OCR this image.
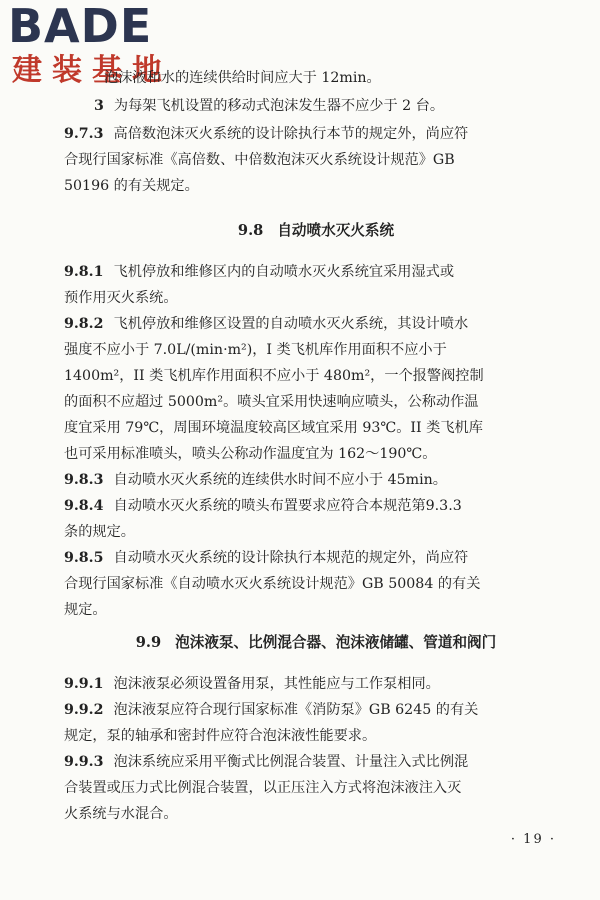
BADE
建装基地
泡沫液和水的连续供给时间应大于 12min。
3 为每架飞机设置的移动式泡沫发生器不应少于 2 台。
9.7.3 高倍数泡沫灭火系统的设计除执行本节的规定外，尚应符
合现行国家标准《高倍数、中倍数泡沫灭火系统设计规范》GB
50196 的有关规定。
9.8 自动喷水灭火系统
9.8.1 飞机停放和维修区内的自动喷水灭火系统宜采用湿式或
预作用灭火系统。
9.8.2 飞机停放和维修区设置的自动喷水灭火系统，其设计喷水
强度不应小于 7.0L/(min·m²)，I 类飞机库作用面积不应小于
1400m²，II 类飞机库作用面积不应小于 480m²，一个报警阀控制
的面积不应超过 5000m²。喷头宜采用快速响应喷头，公称动作温
度宜采用 79℃，周围环境温度较高区域宜采用 93℃。II 类飞机库
也可采用标准喷头，喷头公称动作温度宜为 162～190℃。
9.8.3 自动喷水灭火系统的连续供水时间不应小于 45min。
9.8.4 自动喷水灭火系统的喷头布置要求应符合本规范第9.3.3
条的规定。
9.8.5 自动喷水灭火系统的设计除执行本规范的规定外，尚应符
合现行国家标准《自动喷水灭火系统设计规范》GB 50084 的有关
规定。
9.9 泡沫液泵、比例混合器、泡沫液储罐、管道和阀门
9.9.1 泡沫液泵必须设置备用泵，其性能应与工作泵相同。
9.9.2 泡沫液泵应符合现行国家标准《消防泵》GB 6245 的有关
规定，泵的轴承和密封件应符合泡沫液性能要求。
9.9.3 泡沫系统应采用平衡式比例混合装置、计量注入式比例混
合装置或压力式比例混合装置，以正压注入方式将泡沫液注入灭
火系统与水混合。
· 19 ·
